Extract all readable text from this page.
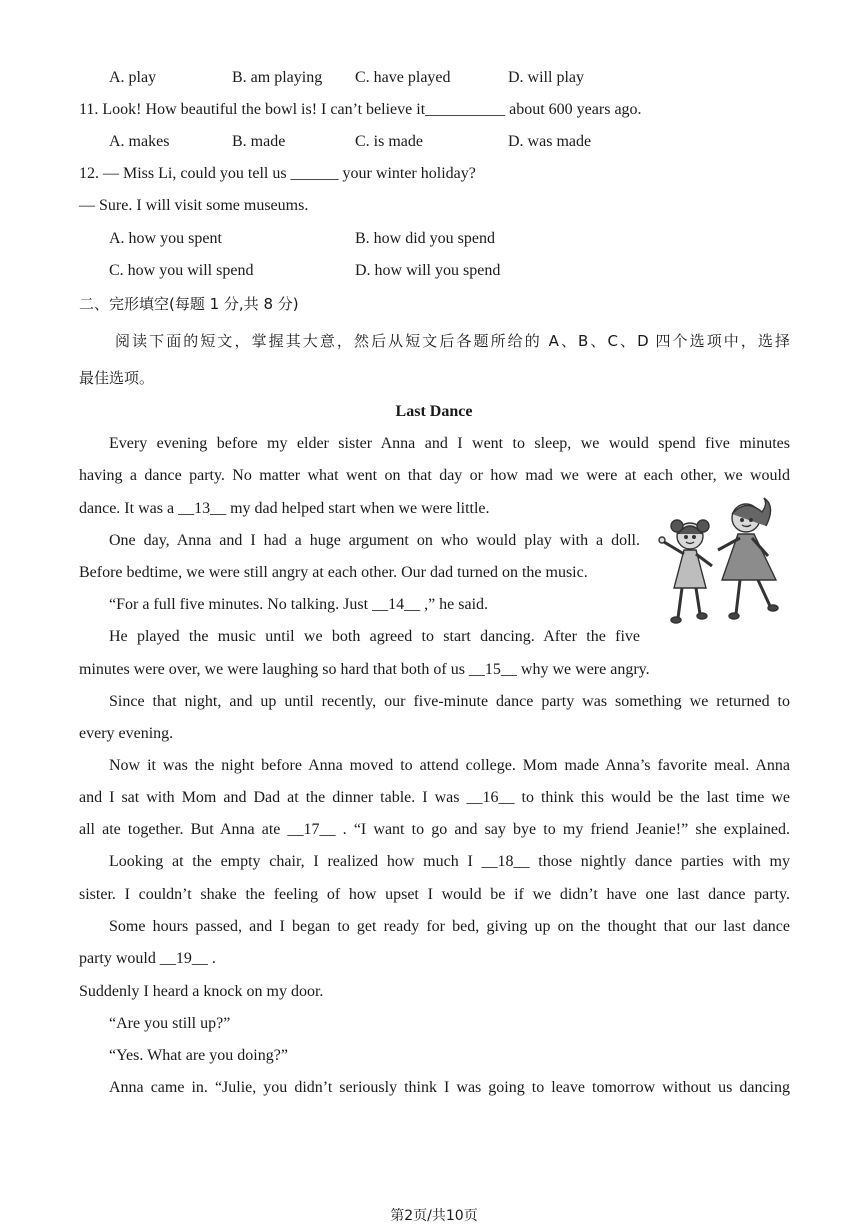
A. play	B. am playing C. have played	D. will play
11. Look! How beautiful the bowl is! I can’t believe it__________ about 600 years ago.
A. makes	B. made	C. is made	D. was made
12. — Miss Li, could you tell us ______ your winter holiday?
— Sure. I will visit some museums.
A. how you spent	B. how did you spend
C. how you will spend	D. how will you spend
二、完形填空(每题 1 分,共 8 分)
阅读下面的短文，掌握其大意，然后从短文后各题所给的 A、B、C、D 四个选项中，选择
最佳选项。
Last Dance
Every evening before my elder sister Anna and I went to sleep, we would spend five minutes
having a dance party. No matter what went on that day or how mad we were at each other, we would
dance. It was a __13__ my dad helped start when we were little.
One day, Anna and I had a huge argument on who would play with a doll.
Before bedtime, we were still angry at each other. Our dad turned on the music.
“For a full five minutes. No talking. Just __14__ ,” he said.
He played the music until we both agreed to start dancing. After the five
minutes were over, we were laughing so hard that both of us __15__ why we were angry.
Since that night, and up until recently, our five-minute dance party was something we returned to
every evening.
Now it was the night before Anna moved to attend college. Mom made Anna’s favorite meal. Anna
and I sat with Mom and Dad at the dinner table. I was __16__ to think this would be the last time we
all ate together. But Anna ate __17__ . “I want to go and say bye to my friend Jeanie!” she explained.
Looking at the empty chair, I realized how much I __18__ those nightly dance parties with my
sister. I couldn’t shake the feeling of how upset I would be if we didn’t have one last dance party.
Some hours passed, and I began to get ready for bed, giving up on the thought that our last dance
party would __19__ .
Suddenly I heard a knock on my door.
“Are you still up?”
“Yes. What are you doing?”
Anna came in. “Julie, you didn’t seriously think I was going to leave tomorrow without us dancing
第2页/共10页
